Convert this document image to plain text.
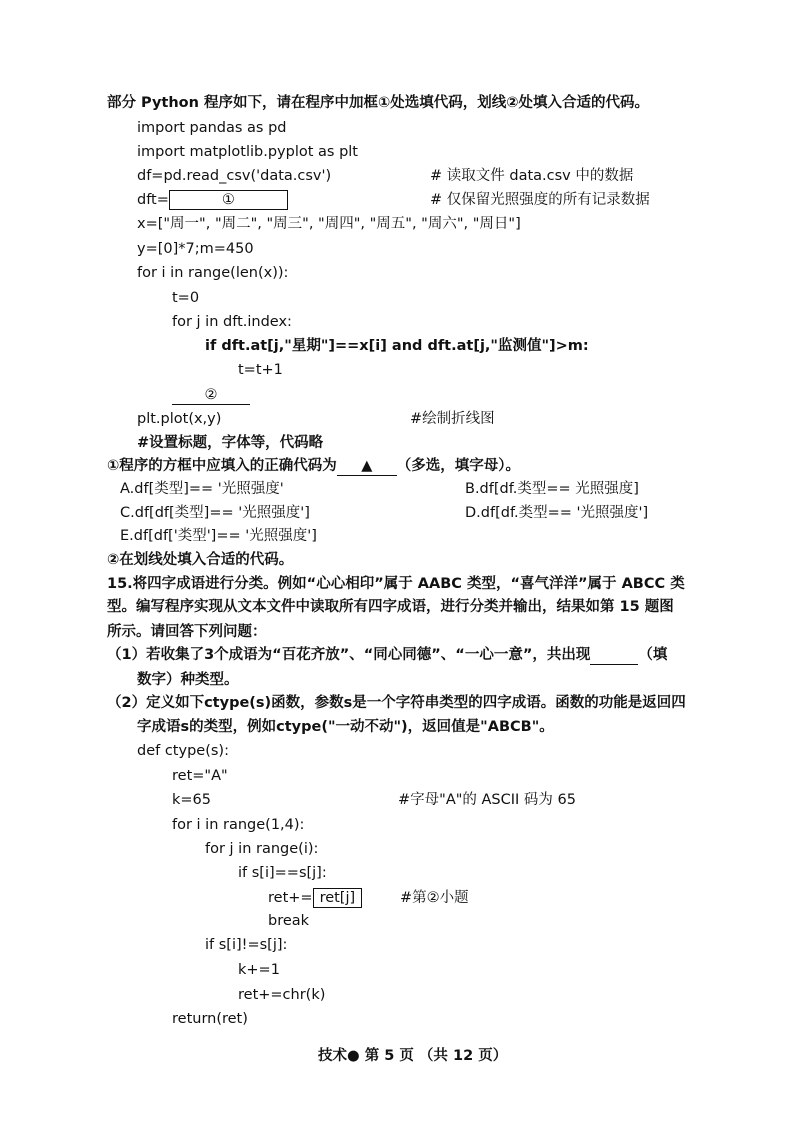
部分 Python 程序如下，请在程序中加框①处选填代码，划线②处填入合适的代码。
import pandas as pd
import matplotlib.pyplot as plt
df=pd.read_csv('data.csv')	# 读取文件 data.csv 中的数据
dft=	①	# 仅保留光照强度的所有记录数据
x=["周一", "周二", "周三", "周四", "周五", "周六", "周日"]
y=[0]*7;m=450
for i in range(len(x)):
t=0
for j in dft.index:
if dft.at[j,"星期"]==x[i] and dft.at[j,"监测值"]>m:
t=t+1
②
plt.plot(x,y)	#绘制折线图
#设置标题，字体等，代码略
①程序的方框中应填入的正确代码为 ▲ （多选，填字母）。
A.df[类型]== '光照强度'	B.df[df.类型== 光照强度]
C.df[df[类型]== '光照强度']	D.df[df.类型== '光照强度']
E.df[df['类型']== '光照强度']
②在划线处填入合适的代码。
15.将四字成语进行分类。例如“心心相印”属于 AABC 类型，“喜气洋洋”属于 ABCC 类
型。编写程序实现从文本文件中读取所有四字成语，进行分类并输出，结果如第 15 题图
所示。请回答下列问题：
（1）若收集了3个成语为“百花齐放”、“同心同德”、“一心一意”，共出现	（填
数字）种类型。
（2）定义如下ctype(s)函数，参数s是一个字符串类型的四字成语。函数的功能是返回四
字成语s的类型，例如ctype("一动不动")，返回值是"ABCB"。
def ctype(s):
ret="A"
k=65	#字母"A"的 ASCII 码为 65
for i in range(1,4):
for j in range(i):
if s[i]==s[j]:
ret+= ret[j]	#第②小题
break
if s[i]!=s[j]:
k+=1
ret+=chr(k)
return(ret)
技术● 第 5 页 （共 12 页）
